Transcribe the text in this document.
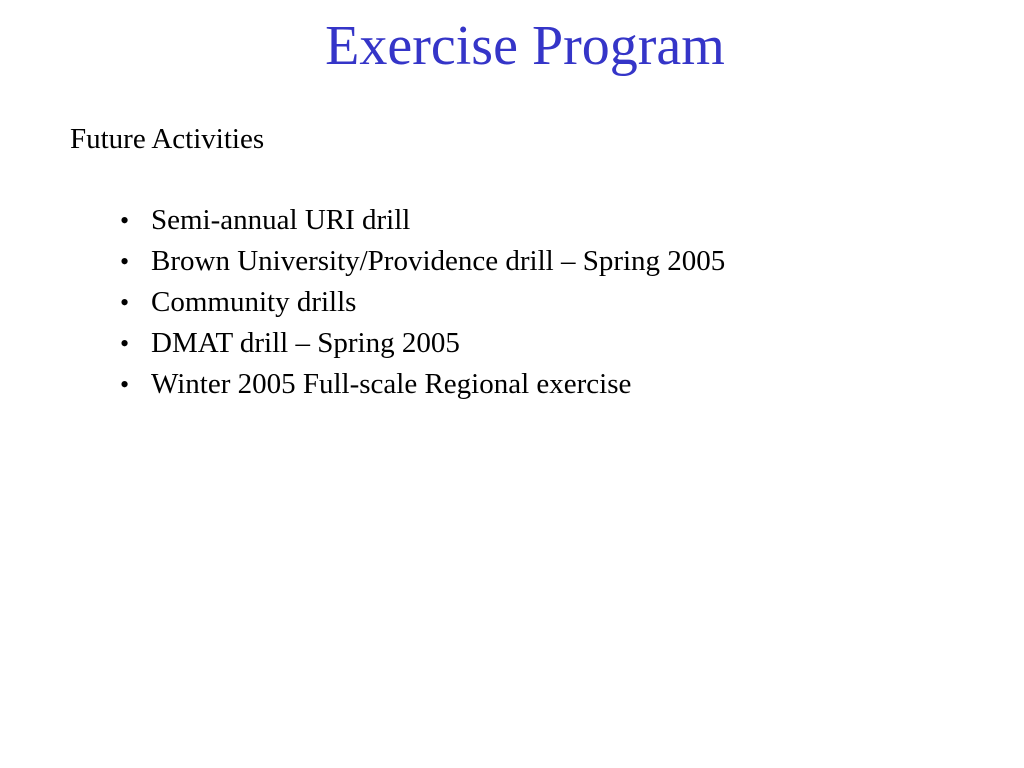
Exercise Program

Future Activities

• Semi-annual URI drill
• Brown University/Providence drill – Spring 2005
• Community drills
• DMAT drill – Spring 2005
• Winter 2005 Full-scale Regional exercise
